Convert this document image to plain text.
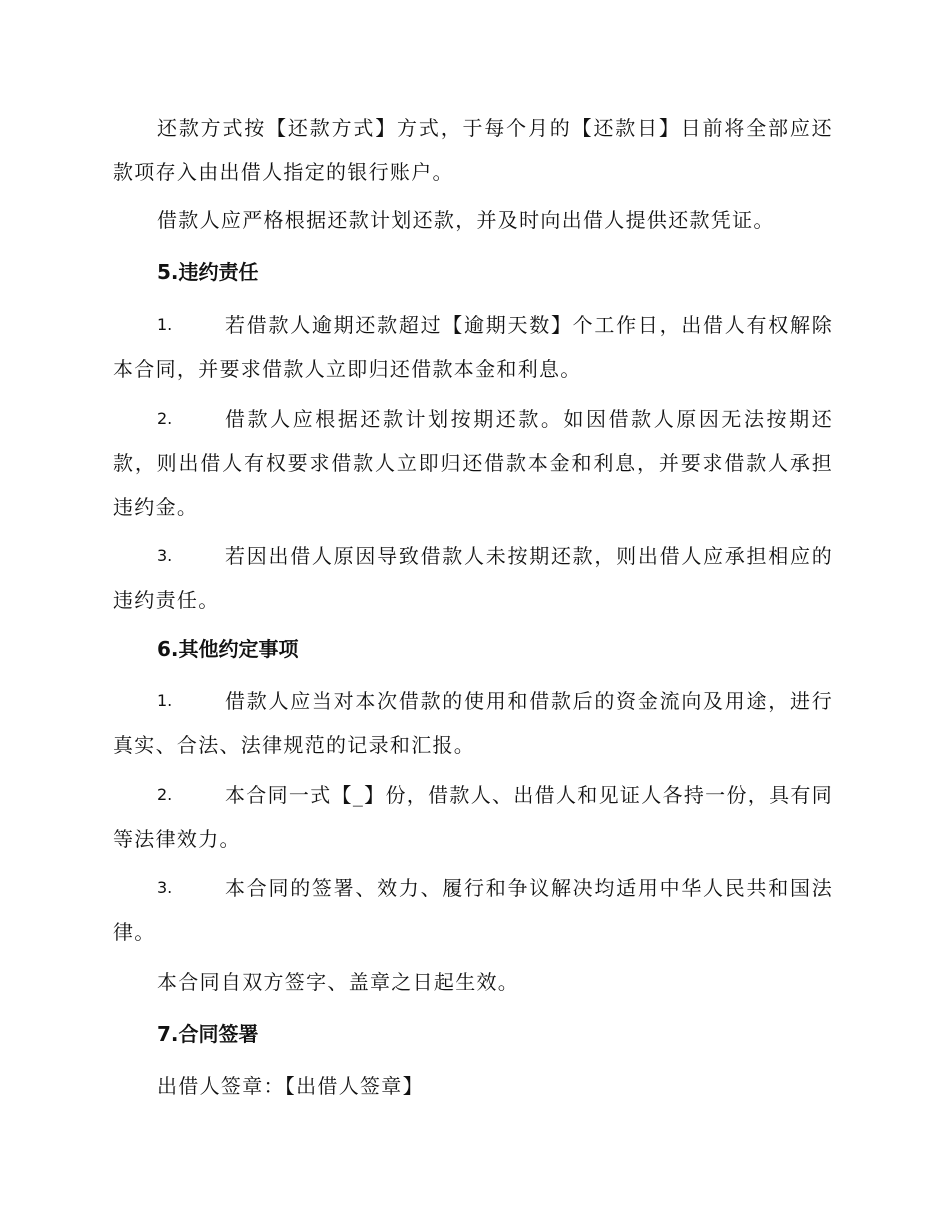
还款方式按【还款方式】方式，于每个月的【还款日】日前将全部应还款项存入由出借人指定的银行账户。

借款人应严格根据还款计划还款，并及时向出借人提供还款凭证。

5.违约责任
1.	若借款人逾期还款超过【逾期天数】个工作日，出借人有权解除本合同，并要求借款人立即归还借款本金和利息。
2.	借款人应根据还款计划按期还款。如因借款人原因无法按期还款，则出借人有权要求借款人立即归还借款本金和利息，并要求借款人承担违约金。
3.	若因出借人原因导致借款人未按期还款，则出借人应承担相应的违约责任。
6.其他约定事项
1.	借款人应当对本次借款的使用和借款后的资金流向及用途，进行真实、合法、法律规范的记录和汇报。
2.	本合同一式【_】份，借款人、出借人和见证人各持一份，具有同等法律效力。
3.	本合同的签署、效力、履行和争议解决均适用中华人民共和国法律。

本合同自双方签字、盖章之日起生效。

7.合同签署

出借人签章：【出借人签章】
